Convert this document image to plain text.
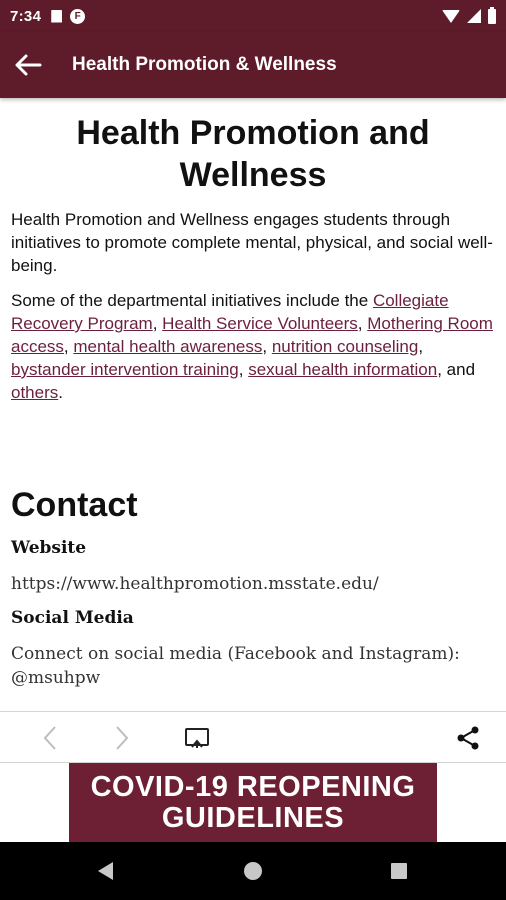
7:34	F
Health Promotion & Wellness
Health Promotion and Wellness

Health Promotion and Wellness engages students through initiatives to promote complete mental, physical, and social well-being.

Some of the departmental initiatives include the Collegiate Recovery Program, Health Service Volunteers, Mothering Room access, mental health awareness, nutrition counseling, bystander intervention training, sexual health information, and others.

Contact
Website
https://www.healthpromotion.msstate.edu/
Social Media
Connect on social media (Facebook and Instagram): @msuhpw
COVID-19 REOPENING
GUIDELINES
